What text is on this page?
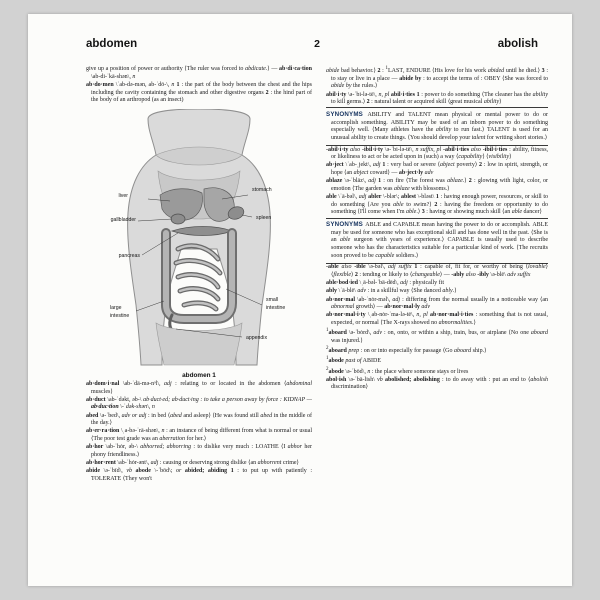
abdomen	2	abolish

give up a position of power or authority ⟨The ruler was forced to abdicate.⟩ — ab·di·ca·tion \ab-di-ˈkā-shən\, n

ab·do·men \ˈab-də-mən, ab-ˈdō-\, n 1 : the part of the body between the chest and the hips including the cavity containing the stomach and other digestive organs 2 : the hind part of the body of an arthropod (as an insect)

liver
stomach
gallbladder	spleen
pancreas
large
intestine
small
intestine
appendix
abdomen 1

ab·dom·i·nal \ab-ˈdä-mə-nᵊl\, adj : relating to or located in the abdomen ⟨abdominal muscles⟩

ab·duct \ab-ˈdəkt, əb-\ ab·duct·ed; ab·duct·ing : to take a person away by force : KIDNAP — ab·duc·tion \-ˈdək-shən\, n

abed \ə-ˈbed\, adv or adj : in bed ⟨abed and asleep⟩ ⟨He was found still abed in the middle of the day.⟩

ab·er·ra·tion \ˌa-bə-ˈrā-shən\, n : an instance of being different from what is normal or usual ⟨The poor test grade was an aberration for her.⟩

ab·hor \ab-ˈhȯr, əb-\ abhorred; abhorring : to dislike very much : LOATHE ⟨I abhor her phony friendliness.⟩

ab·hor·rent \ab-ˈhȯr-ənt\, adj : causing or deserving strong dislike ⟨an abhorrent crime⟩

abide \ə-ˈbīd\, vb abode \-ˈbōd\; or abided; abiding 1 : to put up with patiently : TOLERATE ⟨They won't

abide bad behavior.⟩ 2 : $^1$LAST, ENDURE ⟨His love for his work abided until he died.⟩ 3 : to stay or live in a place — abide by : to accept the terms of : OBEY ⟨She was forced to abide by the rules.⟩

abil·i·ty \ə-ˈbi-lə-tē\, n, pl abil·i·ties 1 : power to do something ⟨The cleaner has the ability to kill germs.⟩ 2 : natural talent or acquired skill ⟨great musical ability⟩

SYNONYMS ABILITY and TALENT mean physical or mental power to do or accomplish something. ABILITY may be used of an inborn power to do something especially well. ⟨Many athletes have the ability to run fast.⟩ TALENT is used for an unusual ability to create things. ⟨You should develop your talent for writing short stories.⟩

-abil·i·ty also -ibil·i·ty \ə-ˈbi-lə-tē\, n suffix, pl -abil·i·ties also -ibil·i·ties : ability, fitness, or likeliness to act or be acted upon in (such) a way ⟨capability⟩ ⟨visibility⟩

ab·ject \ˈab-ˌjekt\, adj 1 : very bad or severe ⟨abject poverty⟩ 2 : low in spirit, strength, or hope ⟨an abject coward⟩ — ab·ject·ly adv

ablaze \ə-ˈblāz\, adj 1 : on fire ⟨The forest was ablaze.⟩ 2 : glowing with light, color, or emotion ⟨The garden was ablaze with blossoms.⟩

able \ˈā-bəl\, adj abler \-blər\; ablest \-bləst\ 1 : having enough power, resources, or skill to do something ⟨Are you able to swim?⟩ 2 : having the freedom or opportunity to do something ⟨I'll come when I'm able.⟩ 3 : having or showing much skill ⟨an able dancer⟩

SYNONYMS ABLE and CAPABLE mean having the power to do or accomplish. ABLE may be used for someone who has exceptional skill and has done well in the past. ⟨She is an able surgeon with years of experience.⟩ CAPABLE is usually used to describe someone who has the characteristics suitable for a particular kind of work. ⟨The recruits soon proved to be capable soldiers.⟩

-able also -ible \ə-bəl\, adj suffix 1 : capable of, fit for, or worthy of being ⟨lovable⟩ ⟨flexible⟩ 2 : tending or likely to ⟨changeable⟩ — -ably also -ibly \ə-blē\ adv suffix

able·bod·ied \ˌā-bəl-ˈbä-dēd\, adj : physically fit

ably \ˈā-blē\ adv : in a skillful way ⟨She danced ably.⟩

ab·nor·mal \ab-ˈnȯr-məl\, adj : differing from the normal usually in a noticeable way ⟨an abnormal growth⟩ — ab·nor·mal·ly adv

ab·nor·mal·i·ty \ˌab-nȯr-ˈma-lə-tē\, n, pl ab·nor·mal·i·ties : something that is not usual, expected, or normal ⟨The X-rays showed no abnormalities.⟩

$^1$aboard \ə-ˈbȯrd\, adv : on, onto, or within a ship, train, bus, or airplane ⟨No one aboard was injured.⟩

$^2$aboard prep : on or into especially for passage ⟨Go aboard ship.⟩

$^1$abode past of ABIDE

$^2$abode \ə-ˈbōd\, n : the place where someone stays or lives

abol·ish \ə-ˈbä-lish\ vb abolished; abolishing : to do away with : put an end to ⟨abolish discrimination⟩
